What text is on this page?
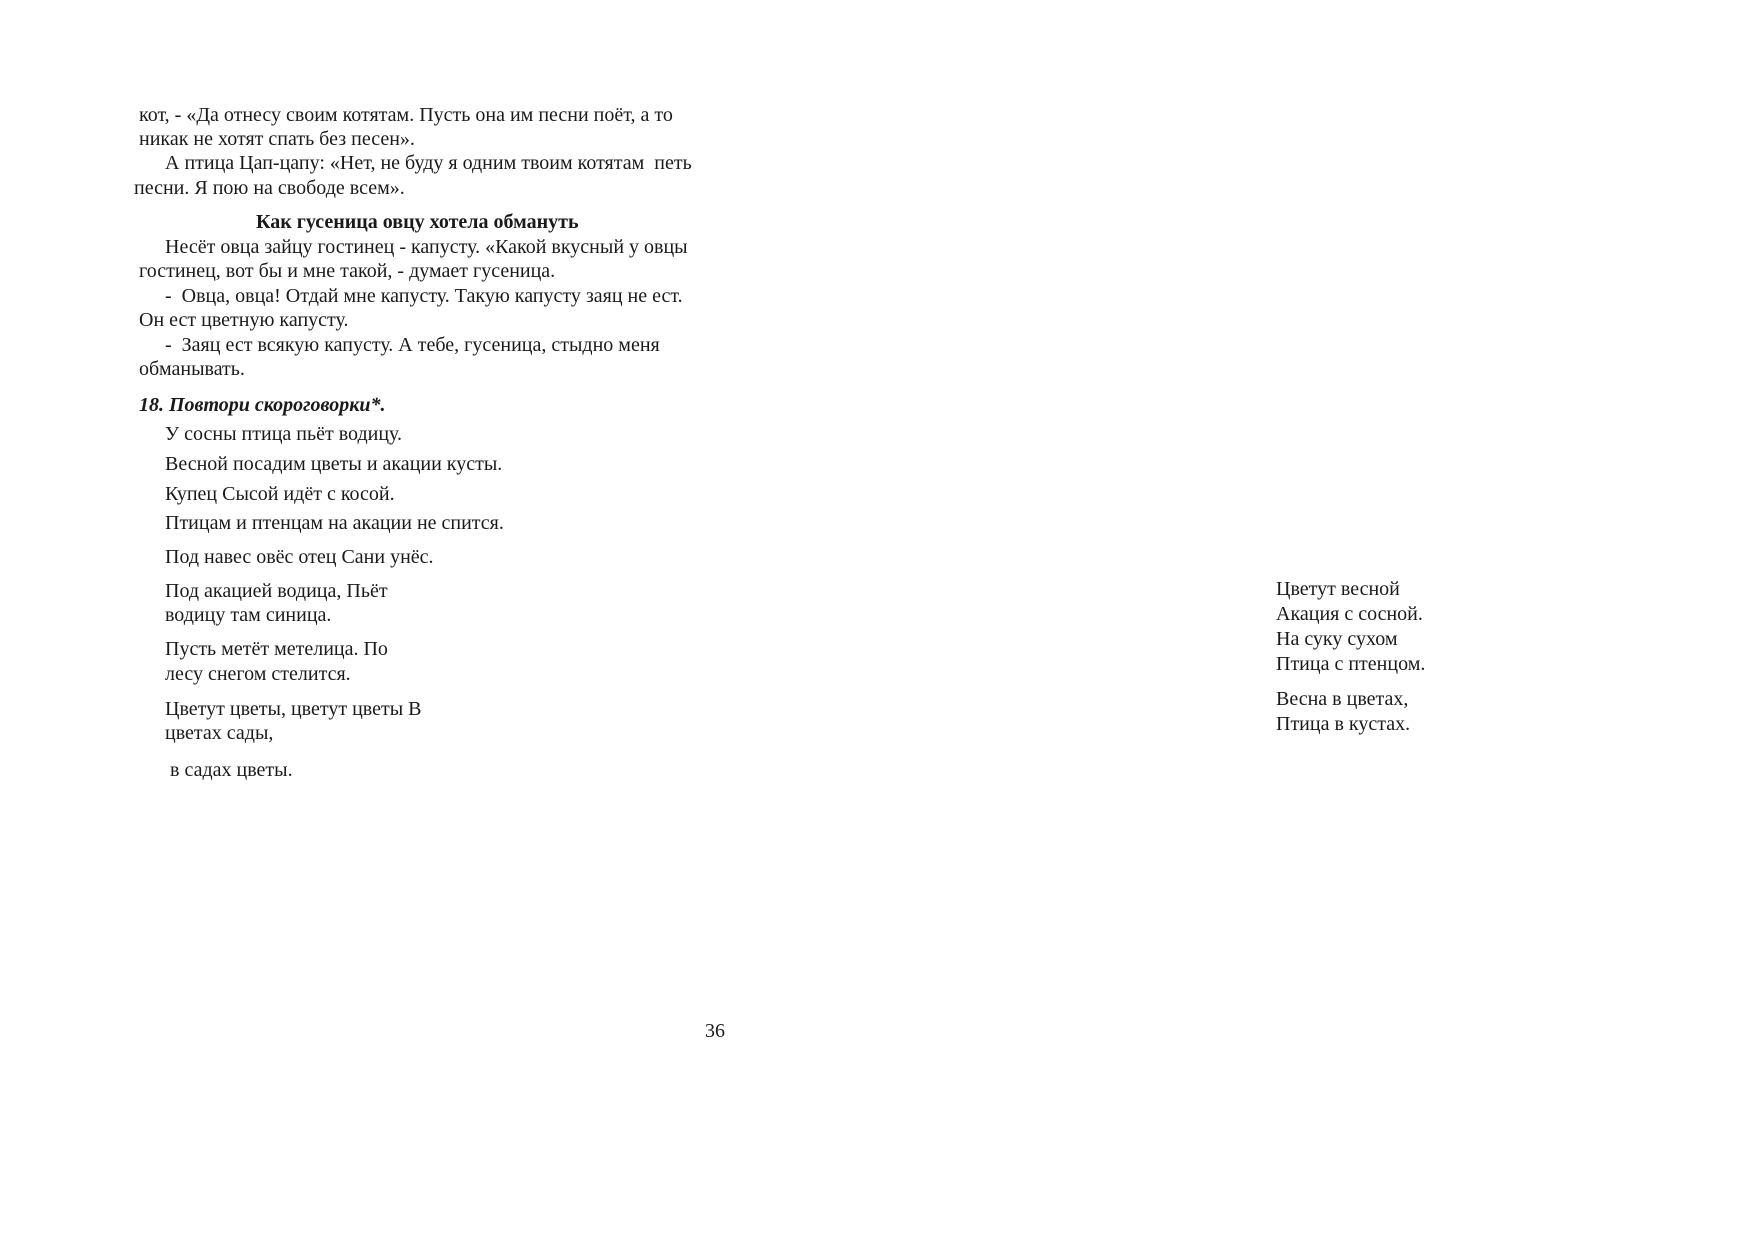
кот, - «Да отнесу своим котятам. Пусть она им песни поёт, а то

никак не хотят спать без песен».

А птица Цап-цапу: «Нет, не буду я одним твоим котятам  петь

песни. Я пою на свободе всем».

Как гусеница овцу хотела обмануть

Несёт овца зайцу гостинец - капусту. «Какой вкусный у овцы

гостинец, вот бы и мне такой, - думает гусеница.

-  Овца, овца! Отдай мне капусту. Такую капусту заяц не ест.

Он ест цветную капусту.

-  Заяц ест всякую капусту. А тебе, гусеница, стыдно меня

обманывать.

18. Повтори скороговорки*.

У сосны птица пьёт водицу.

Весной посадим цветы и акации кусты.

Купец Сысой идёт с косой.

Птицам и птенцам на акации не спится.

Под навес овёс отец Сани унёс.

Под акацией водица, Пьёт

водицу там синица.

Пусть метёт метелица. По

лесу снегом стелится.

Цветут цветы, цветут цветы В

цветах сады,

в садах цветы.

Цветут весной

Акация с сосной.

На суку сухом

Птица с птенцом.

Весна в цветах,

Птица в кустах.

36
